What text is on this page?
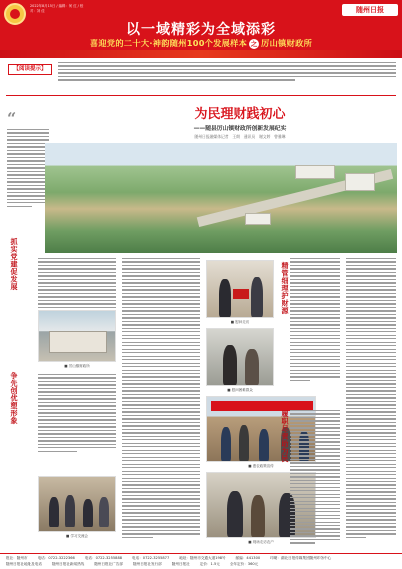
2022年8月15日 / 编辑：何 红 / 校对：刘 佳	随州日报
以一域精彩为全域添彩
喜迎党的二十大·神韵随州100个发展样本 之 厉山镇财政所
【阅读提示】
“	为民理财践初心
——随县厉山镇财政所创新发展纪实
随州日报融媒体记者　王朗　通讯员　谢文婷　曾雅琳
抓实党建促发展
■ 厉山镇财政所
争先创优塑形象
■ 学习交流会
■ 慰问走访
■ 慰问困难群众
■ 惠农政策宣传
■ 现场走访农户
精管细理护财源
履职尽责助为民
报社：随州市	电话：0722-3222366	电话：0722-3255888	电话：0722-3255877	地址：随州市交通大道198号	邮编：441300	印刷：湖北日报传媒集团随州印务中心
随州日报社地址及电话	随州日报社新闻热线	随州日报社广告部	随州日报社发行部	随州日报社	定价：1.5元	全年定价：360元
